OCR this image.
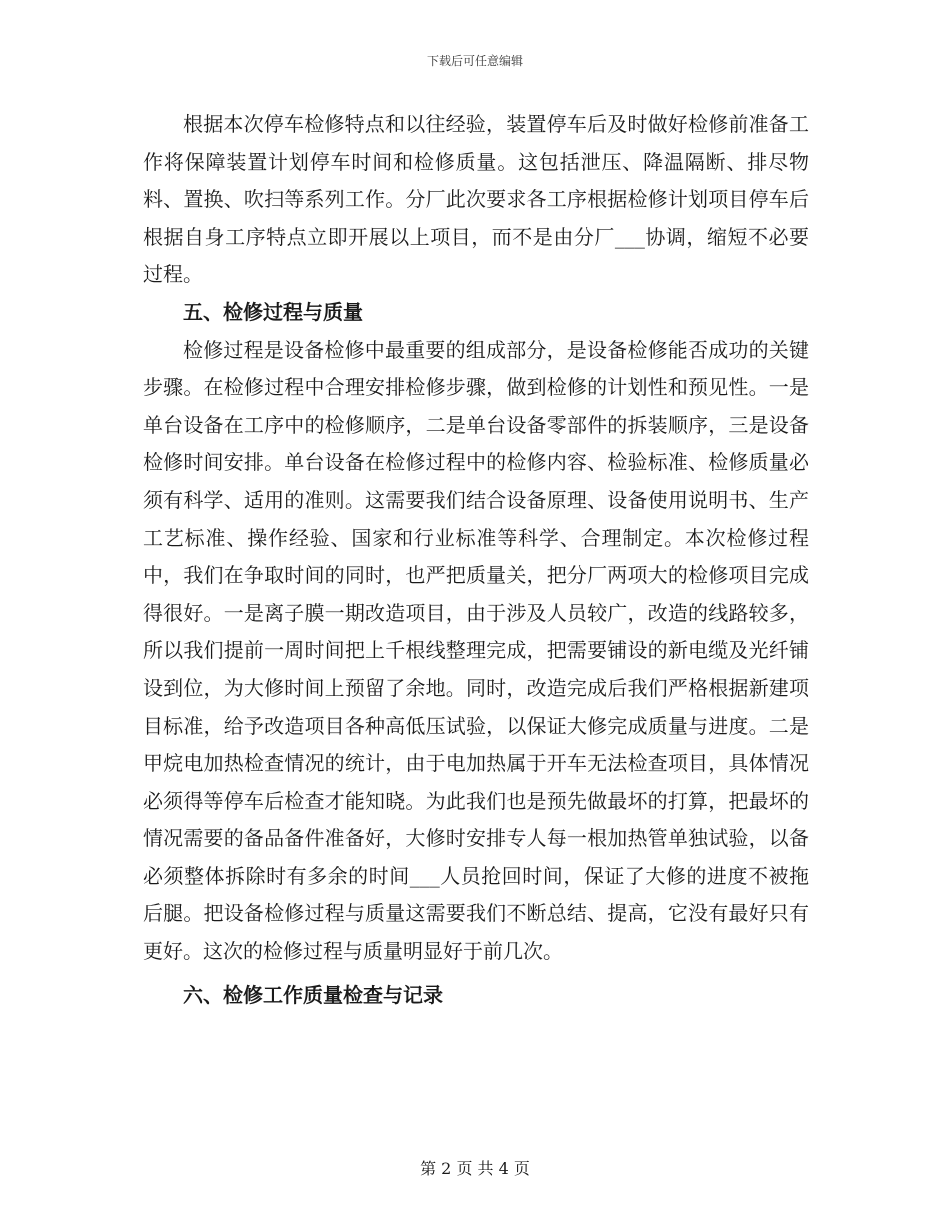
下载后可任意编辑

根据本次停车检修特点和以往经验，装置停车后及时做好检修前准备工作将保障装置计划停车时间和检修质量。这包括泄压、降温隔断、排尽物料、置换、吹扫等系列工作。分厂此次要求各工序根据检修计划项目停车后根据自身工序特点立即开展以上项目，而不是由分厂___协调，缩短不必要过程。

五、检修过程与质量

检修过程是设备检修中最重要的组成部分，是设备检修能否成功的关键步骤。在检修过程中合理安排检修步骤，做到检修的计划性和预见性。一是单台设备在工序中的检修顺序，二是单台设备零部件的拆装顺序，三是设备检修时间安排。单台设备在检修过程中的检修内容、检验标准、检修质量必须有科学、适用的准则。这需要我们结合设备原理、设备使用说明书、生产工艺标准、操作经验、国家和行业标准等科学、合理制定。本次检修过程中，我们在争取时间的同时，也严把质量关，把分厂两项大的检修项目完成得很好。一是离子膜一期改造项目，由于涉及人员较广，改造的线路较多，所以我们提前一周时间把上千根线整理完成，把需要铺设的新电缆及光纤铺设到位，为大修时间上预留了余地。同时，改造完成后我们严格根据新建项目标准，给予改造项目各种高低压试验，以保证大修完成质量与进度。二是甲烷电加热检查情况的统计，由于电加热属于开车无法检查项目，具体情况必须得等停车后检查才能知晓。为此我们也是预先做最坏的打算，把最坏的情况需要的备品备件准备好，大修时安排专人每一根加热管单独试验，以备必须整体拆除时有多余的时间___人员抢回时间，保证了大修的进度不被拖后腿。把设备检修过程与质量这需要我们不断总结、提高，它没有最好只有更好。这次的检修过程与质量明显好于前几次。

六、检修工作质量检查与记录

第 2 页 共 4 页
